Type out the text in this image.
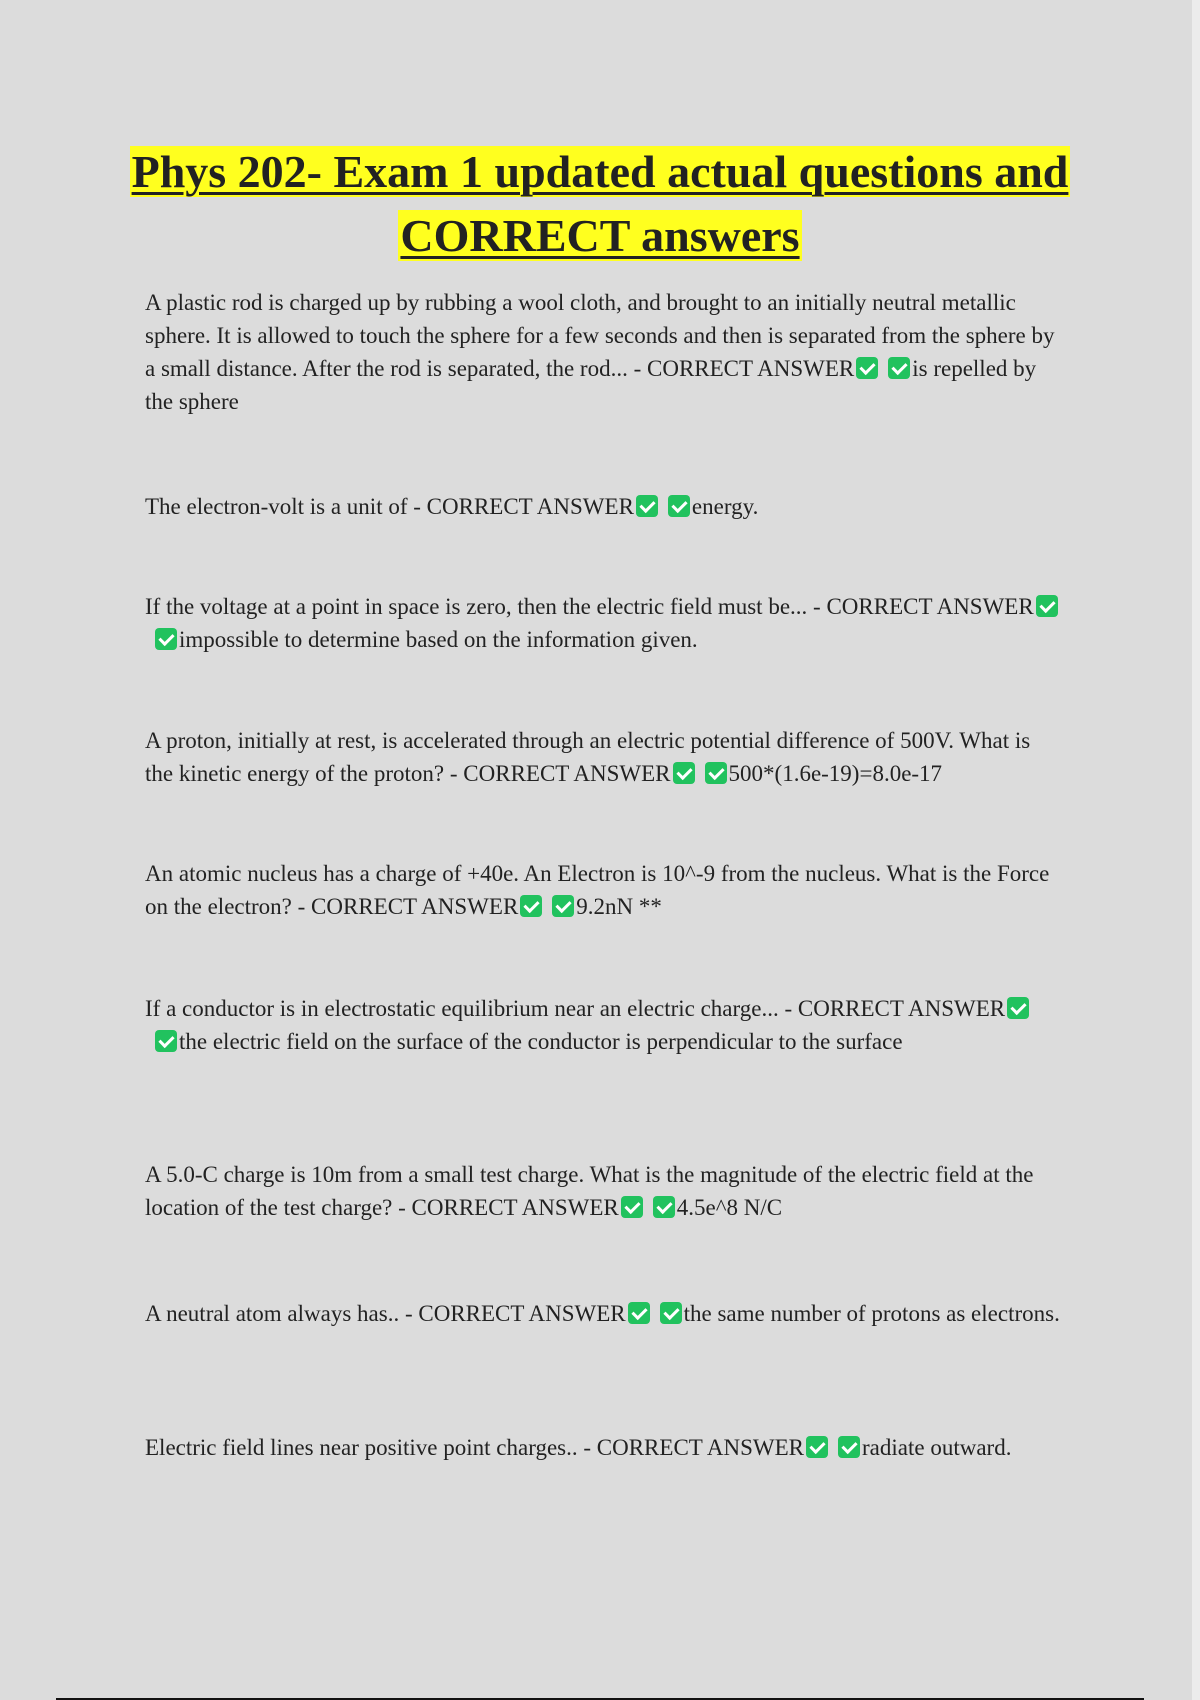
Phys 202- Exam 1 updated actual questions and CORRECT answers

A plastic rod is charged up by rubbing a wool cloth, and brought to an initially neutral metallic sphere. It is allowed to touch the sphere for a few seconds and then is separated from the sphere by a small distance. After the rod is separated, the rod... - CORRECT ANSWER	is repelled by the sphere

The electron-volt is a unit of - CORRECT ANSWER	energy.

If the voltage at a point in space is zero, then the electric field must be... - CORRECT ANSWERimpossible to determine based on the information given.

A proton, initially at rest, is accelerated through an electric potential difference of 500V. What is the kinetic energy of the proton? - CORRECT ANSWER	500*(1.6e-19)=8.0e-17

An atomic nucleus has a charge of +40e. An Electron is 10^-9 from the nucleus. What is the Force on the electron? - CORRECT ANSWER	9.2nN **

If a conductor is in electrostatic equilibrium near an electric charge... - CORRECT ANSWERthe electric field on the surface of the conductor is perpendicular to the surface

A 5.0-C charge is 10m from a small test charge. What is the magnitude of the electric field at the location of the test charge? - CORRECT ANSWER	4.5e^8 N/C

A neutral atom always has.. - CORRECT ANSWER	the same number of protons as electrons.

Electric field lines near positive point charges.. - CORRECT ANSWER	radiate outward.
